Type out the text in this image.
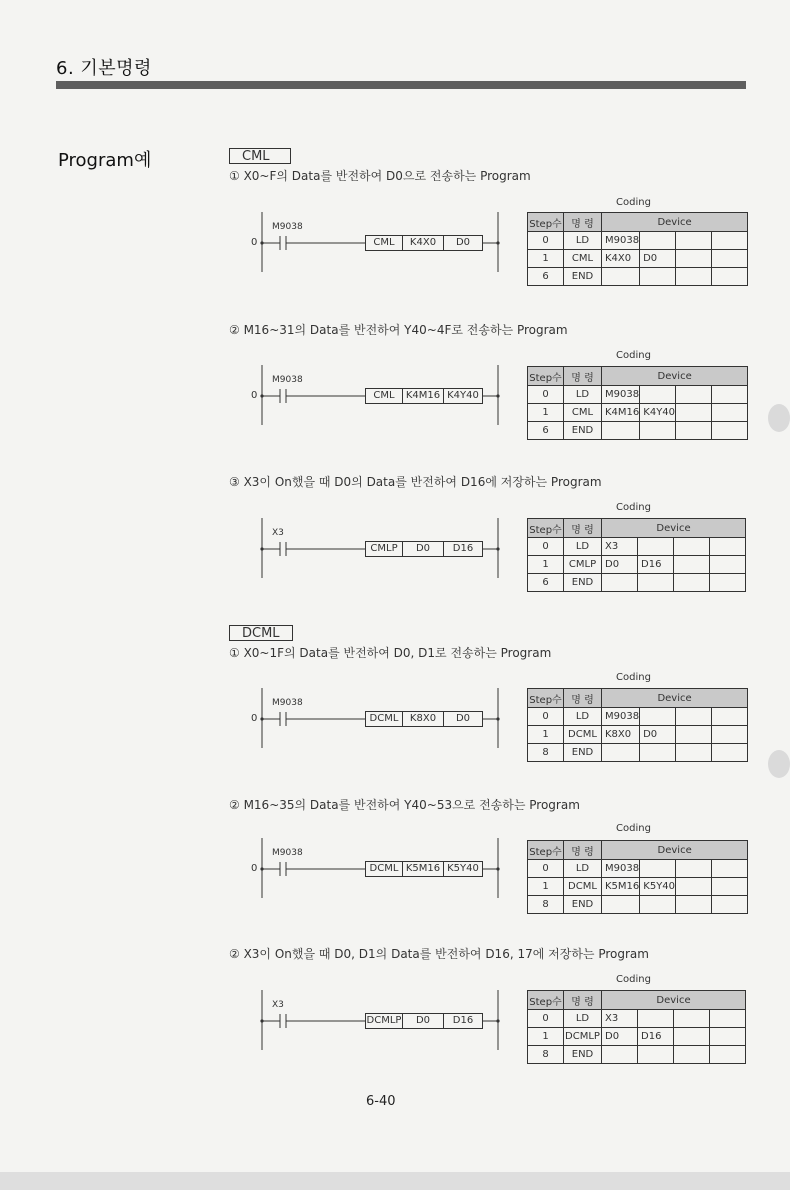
6. 기본명령
Program예	CML
① X0~F의 Data를 반전하여 D0으로 전송하는 Program
M9038
0	CML	K4X0	D0
Coding
Step수	명 령	Device			
0	LD	M9038			
1	CML	K4X0	D0		
6	END				
② M16~31의 Data를 반전하여 Y40~4F로 전송하는 Program
M9038
0	CML	K4M16 K4Y40
Coding
Step수	명 령	Device			
0	LD	M9038			
1	CML	K4M16	K4Y40		
6	END				
③ X3이 On했을 때 D0의 Data를 반전하여 D16에 저장하는 Program
X3
CMLP	D0	D16
Coding
Step수	명 령	Device			
0	LD	X3			
1	CMLP	D0	D16		
6	END				
DCML
① X0~1F의 Data를 반전하여 D0, D1로 전송하는 Program
M9038
0	DCML	K8X0	D0
Coding
Step수	명 령	Device			
0	LD	M9038			
1	DCML	K8X0	D0		
8	END				
② M16~35의 Data를 반전하여 Y40~53으로 전송하는 Program
M9038
0	DCML K5M16 K5Y40
Coding
Step수	명 령	Device			
0	LD	M9038			
1	DCML	K5M16	K5Y40		
8	END				
② X3이 On했을 때 D0, D1의 Data를 반전하여 D16, 17에 저장하는 Program
X3
DCMLP	D0	D16
Coding
Step수	명 령	Device			
0	LD	X3			
1	DCMLP	D0	D16		
8	END				
6-40
